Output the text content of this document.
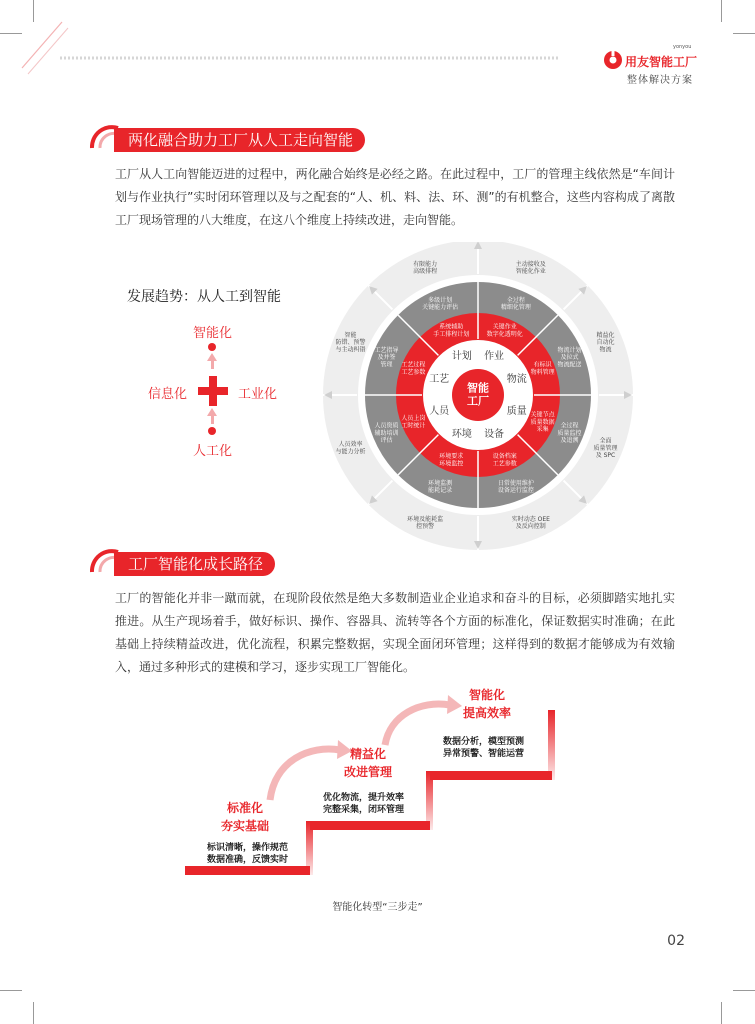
用友智能工厂
yonyou
整体解决方案
两化融合助力工厂从人工走向智能
工厂从人工向智能迈进的过程中，两化融合始终是必经之路。在此过程中，工厂的管理主线依然是“车间计划与作业执行”实时闭环管理以及与之配套的“人、机、料、法、环、测”的有机整合，这些内容构成了离散工厂现场管理的八大维度，在这八个维度上持续改进，走向智能。
发展趋势：从人工到智能
智能化
信息化	工业化
人工化
智能工厂
计划 作业
物流
质量
设备
环境
人员
工艺
系统辅助手工排程计划
多级计划关键能力评估
有限能力高级排程
关键作业数字化透明化
全过程精细化管理
主动接收及智能化作业
有标识物料管理
物流计划及拉式物流配送
精益化自动化物流
关键节点质量数据采集	全过程质量监控及追溯	全面质量管理及 SPC
设备档案工艺参数
日常使用维护设备运行监控
实时动态 OEE 及反向控制
环境要求环境监控
环境监测能耗记录
环境及能耗监控预警
人员上岗工时统计
人员资质辅助培训评估
人员效率与能力分析
工艺过程工艺参数
工艺指导及并签管理
智能防错、预警与主动纠错
工厂智能化成长路径
工厂的智能化并非一蹴而就，在现阶段依然是绝大多数制造业企业追求和奋斗的目标，必须脚踏实地扎实推进。从生产现场着手，做好标识、操作、容器具、流转等各个方面的标准化，保证数据实时准确；在此基础上持续精益改进，优化流程，积累完整数据，实现全面闭环管理；这样得到的数据才能够成为有效输入，通过多种形式的建模和学习，逐步实现工厂智能化。
标准化
夯实基础
标识清晰，操作规范
数据准确，反馈实时
精益化
改进管理
优化物流，提升效率
完整采集，闭环管理
智能化
提高效率
数据分析，模型预测
异常预警、智能运营
智能化转型“三步走”
02
